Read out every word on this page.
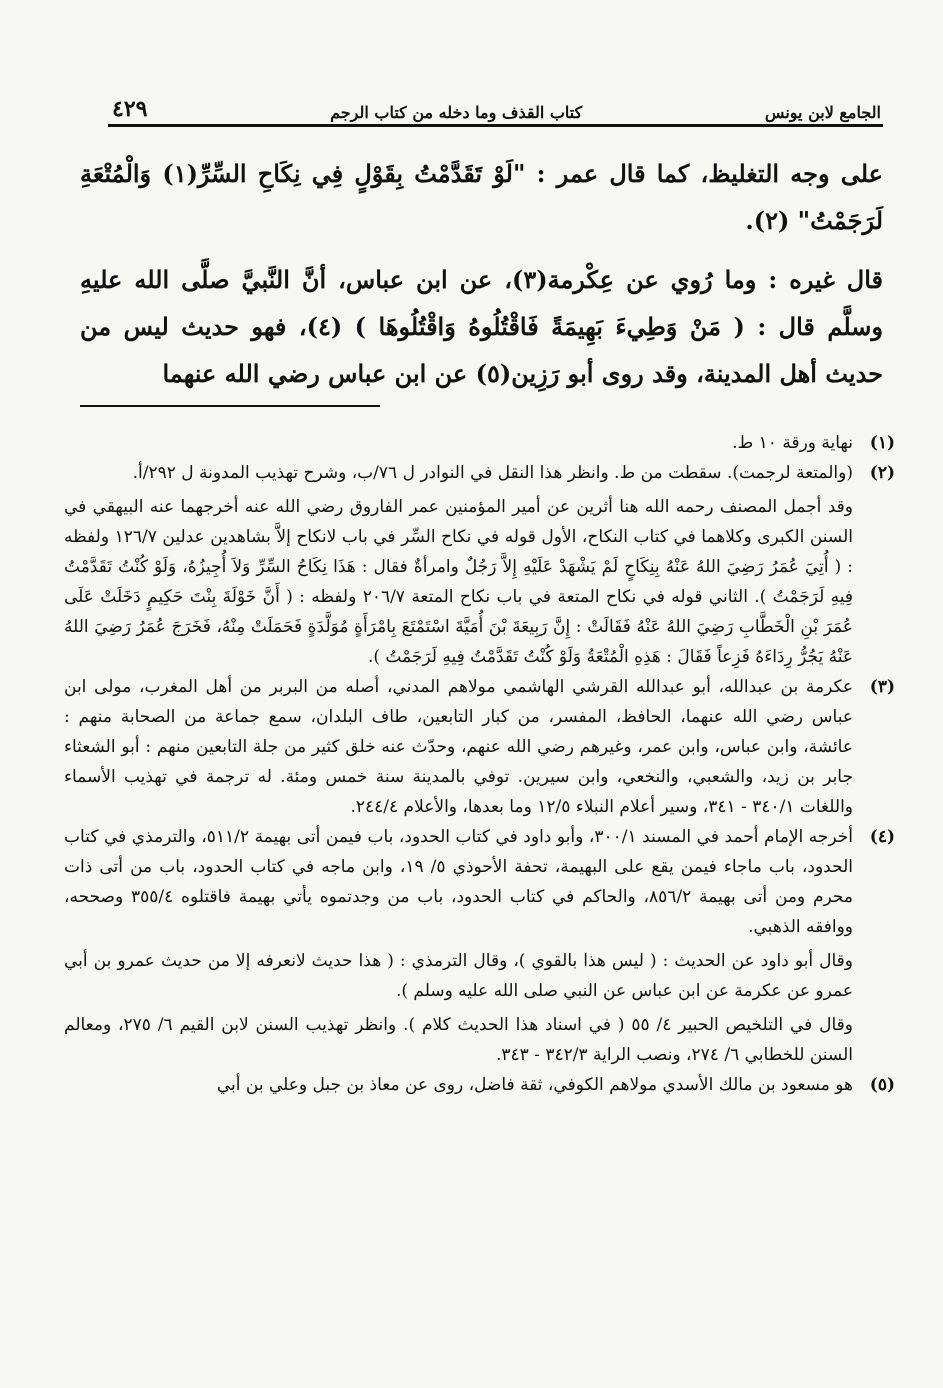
الجامع لابن يونس
كتاب القذف وما دخله من كتاب الرجم
٤٢٩

على وجه التغليظ، كما قال عمر : "لَوْ تَقَدَّمْتُ بِقَوْلٍ فِي نِكَاحِ السِّرِّ(١) وَالْمُتْعَةِ لَرَجَمْتُ" (٢).

قال غيره : وما رُوي عن عِكْرمة(٣)، عن ابن عباس، أنَّ النَّبيَّ صلَّى الله عليهِ وسلَّم قال : ( مَنْ وَطِيءَ بَهِيمَةً فَاقْتُلُوهُ وَاقْتُلُوهَا ) (٤)، فهو حديث ليس من حديث أهل المدينة، وقد روى أبو رَزِين(٥) عن ابن عباس رضي الله عنهما

(١)

نهاية ورقة ١٠ ط.

(٢)

(والمتعة لرجمت). سقطت من ط. وانظر هذا النقل في النوادر ل ٧٦/ب، وشرح تهذيب المدونة ل ٢٩٢/أ.

وقد أجمل المصنف رحمه الله هنا أثرين عن أمير المؤمنين عمر الفاروق رضي الله عنه أخرجهما عنه البيهقي في السنن الكبرى وكلاهما في كتاب النكاح، الأول قوله في نكاح السِّر في باب لانكاح إلاَّ بشاهدين عدلين ١٢٦/٧ ولفظه : ( أُتِيَ عُمَرُ رَضِيَ اللهُ عَنْهُ بِنِكَاحٍ لَمْ يَشْهَدْ عَلَيْهِ إِلاَّ رَجُلٌ وامرأةٌ فقال : هَذَا نِكَاحُ السِّرِّ وَلاَ أُجِيزُهُ، وَلَوْ كُنْتُ تَقَدَّمْتُ فِيهِ لَرَجَمْتُ ). الثاني قوله في نكاح المتعة في باب نكاح المتعة ٢٠٦/٧ ولفظه : ( أَنَّ خَوْلَةَ بِنْتَ حَكِيمٍ دَخَلَتْ عَلَى عُمَرَ بْنِ الْخَطَّابِ رَضِيَ اللهُ عَنْهُ فَقَالَتْ : إِنَّ رَبِيعَةَ بْنَ أُمَيَّةَ اسْتَمْتَعَ بِامْرَأَةٍ مُوَلَّدَةٍ فَحَمَلَتْ مِنْهُ، فَخَرَجَ عُمَرُ رَضِيَ اللهُ عَنْهُ يَجُرُّ رِدَاءَهُ فَزِعاً فَقَالَ : هَذِهِ الْمُتْعَةُ وَلَوْ كُنْتُ تَقَدَّمْتُ فِيهِ لَرَجَمْتُ ).

(٣)

عكرمة بن عبدالله، أبو عبدالله القرشي الهاشمي مولاهم المدني، أصله من البربر من أهل المغرب، مولى ابن عباس رضي الله عنهما، الحافظ، المفسر، من كبار التابعين، طاف البلدان، سمع جماعة من الصحابة منهم : عائشة، وابن عباس، وابن عمر، وغيرهم رضي الله عنهم، وحدّث عنه خلق كثير من جلة التابعين منهم : أبو الشعثاء جابر بن زيد، والشعبي، والنخعي، وابن سيرين. توفي بالمدينة سنة خمس ومئة. له ترجمة في تهذيب الأسماء واللغات ٣٤٠/١ - ٣٤١، وسير أعلام النبلاء ١٢/٥ وما بعدها، والأعلام ٢٤٤/٤.

(٤)

أخرجه الإمام أحمد في المسند ٣٠٠/١، وأبو داود في كتاب الحدود، باب فيمن أتى بهيمة ٥١١/٢، والترمذي في كتاب الحدود، باب ماجاء فيمن يقع على البهيمة، تحفة الأحوذي ٥/ ١٩، وابن ماجه في كتاب الحدود، باب من أتى ذات محرم ومن أتى بهيمة ٨٥٦/٢، والحاكم في كتاب الحدود، باب من وجدتموه يأتي بهيمة فاقتلوه ٣٥٥/٤ وصححه، ووافقه الذهبي.

وقال أبو داود عن الحديث : ( ليس هذا بالقوي )، وقال الترمذي : ( هذا حديث لانعرفه إلا من حديث عمرو بن أبي عمرو عن عكرمة عن ابن عباس عن النبي صلى الله عليه وسلم ).

وقال في التلخيص الحبير ٤/ ٥٥ ( في اسناد هذا الحديث كلام ). وانظر تهذيب السنن لابن القيم ٦/ ٢٧٥، ومعالم السنن للخطابي ٦/ ٢٧٤، ونصب الراية ٣٤٢/٣ - ٣٤٣.

(٥)

هو مسعود بن مالك الأسدي مولاهم الكوفي، ثقة فاضل، روى عن معاذ بن جبل وعلي بن أبي
